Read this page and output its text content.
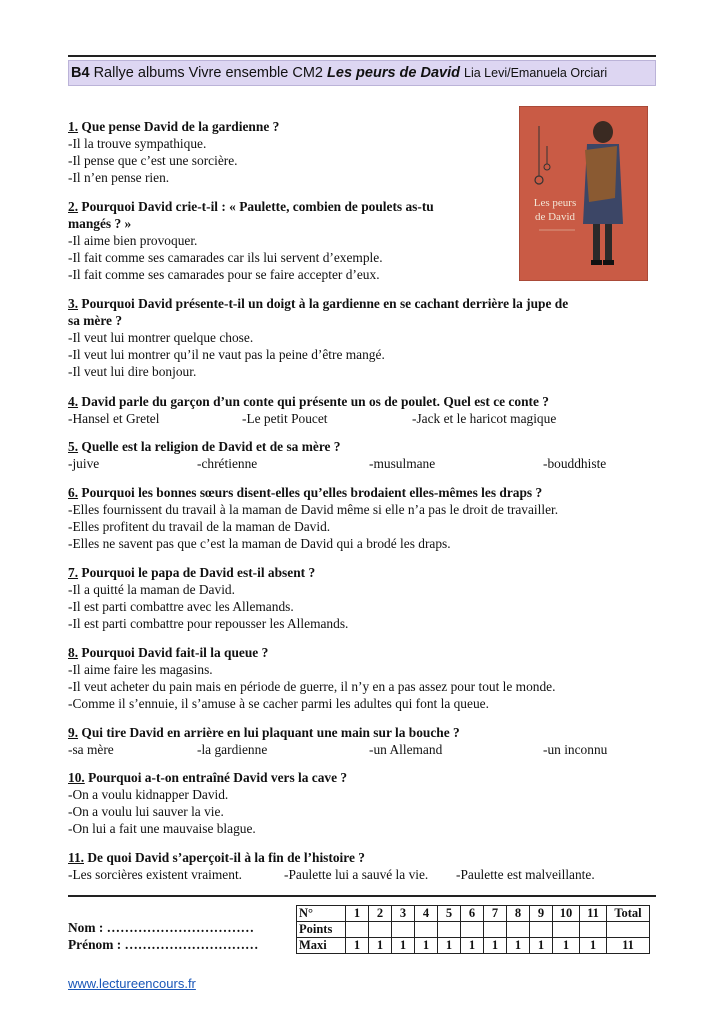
B4 Rallye albums Vivre ensemble CM2 Les peurs de David Lia Levi/Emanuela Orciari
Les peurs
de David
1. Que pense David de la gardienne ?
-Il la trouve sympathique.
-Il pense que c’est une sorcière.
-Il n’en pense rien.
2. Pourquoi David crie-t-il : « Paulette, combien de poulets as-tu
mangés ? »
-Il aime bien provoquer.
-Il fait comme ses camarades car ils lui servent d’exemple.
-Il fait comme ses camarades pour se faire accepter d’eux.
3. Pourquoi David présente-t-il un doigt à la gardienne en se cachant derrière la jupe de
sa mère ?
-Il veut lui montrer quelque chose.
-Il veut lui montrer qu’il ne vaut pas la peine d’être mangé.
-Il veut lui dire bonjour.
4. David parle du garçon d’un conte qui présente un os de poulet. Quel est ce conte ?
-Hansel et Gretel	-Le petit Poucet	-Jack et le haricot magique
5. Quelle est la religion de David et de sa mère ?
-juive	-chrétienne	-musulmane	-bouddhiste
6. Pourquoi les bonnes sœurs disent-elles qu’elles brodaient elles-mêmes les draps ?
-Elles fournissent du travail à la maman de David même si elle n’a pas le droit de travailler.
-Elles profitent du travail de la maman de David.
-Elles ne savent pas que c’est la maman de David qui a brodé les draps.
7. Pourquoi le papa de David est-il absent ?
-Il a quitté la maman de David.
-Il est parti combattre avec les Allemands.
-Il est parti combattre pour repousser les Allemands.
8. Pourquoi David fait-il la queue ?
-Il aime faire les magasins.
-Il veut acheter du pain mais en période de guerre, il n’y en a pas assez pour tout le monde.
-Comme il s’ennuie, il s’amuse à se cacher parmi les adultes qui font la queue.
9. Qui tire David en arrière en lui plaquant une main sur la bouche ?
-sa mère	-la gardienne	-un Allemand	-un inconnu
10. Pourquoi a-t-on entraîné David vers la cave ?
-On a voulu kidnapper David.
-On a voulu lui sauver la vie.
-On lui a fait une mauvaise blague.
11. De quoi David s’aperçoit-il à la fin de l’histoire ?
-Les sorcières existent vraiment.	-Paulette lui a sauvé la vie. -Paulette est malveillante.
Nom : ……………………………
Prénom : …………………………
N°	1	2	3	4	5	6	7	8	9	10	11	Total
Points												
Maxi	1	1	1	1	1	1	1	1	1	1	1	11
www.lectureencours.fr
